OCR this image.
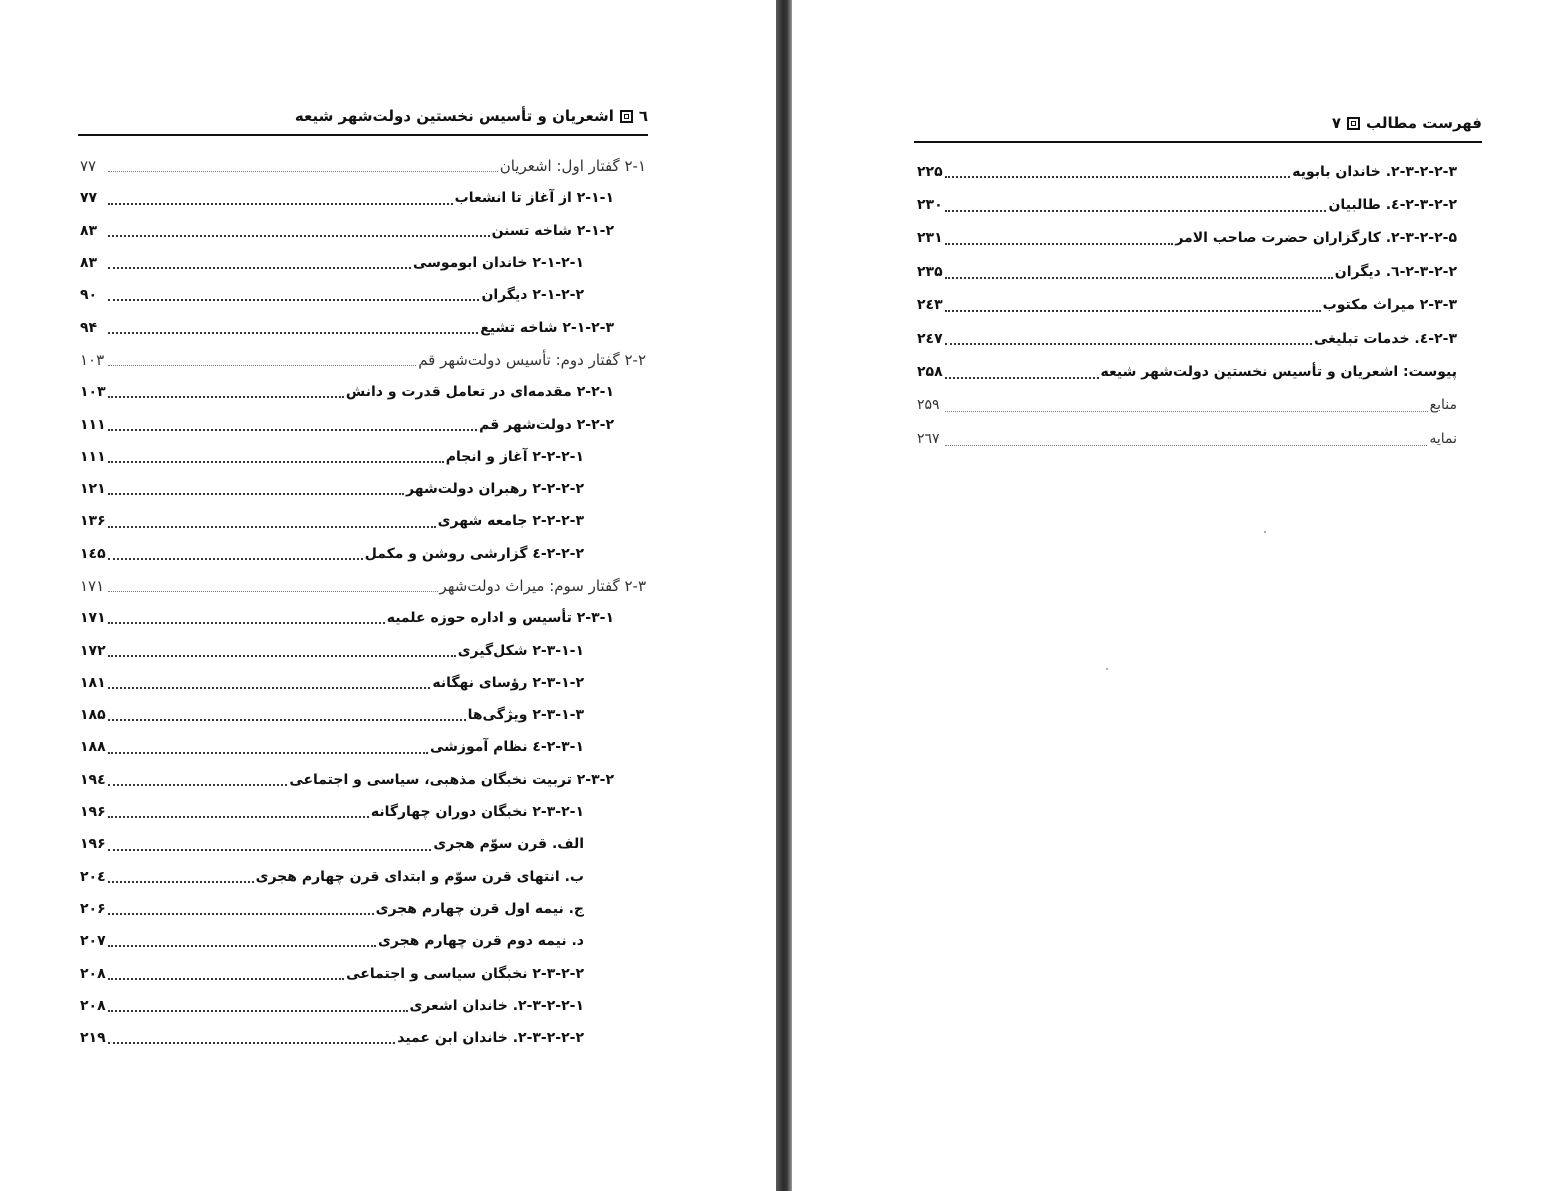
٦
اشعریان و تأسیس نخستین دولت‌شهر شیعه
۲-۱ گفتار اول: اشعریان
۷۷
۲-۱-۱ از آغاز تا انشعاب
۷۷
۲-۱-۲ شاخه تسنن
۸۳
۲-۱-۲-۱ خاندان ابوموسی
۸۳
۲-۱-۲-۲ دیگران
۹۰
۲-۱-۲-۳ شاخه تشیع
۹۴
۲-۲ گفتار دوم: تأسیس دولت‌شهر قم
۱۰۳
۲-۲-۱ مقدمه‌ای در تعامل قدرت و دانش
۱۰۳
۲-۲-۲ دولت‌شهر قم
۱۱۱
۲-۲-۲-۱ آغاز و انجام
۱۱۱
۲-۲-۲-۲ رهبران دولت‌شهر
۱۲۱
۲-۲-۲-۳ جامعه شهری
۱۳۶
۲-۲-۲-٤ گزارشی روشن و مکمل
۱٤۵
۲-۳ گفتار سوم: میراث دولت‌شهر
۱۷۱
۲-۳-۱ تأسیس و اداره حوزه علمیه
۱۷۱
۲-۳-۱-۱ شکل‌گیری
۱۷۲
۲-۳-۱-۲ رؤسای نهگانه
۱۸۱
۲-۳-۱-۳ ویژگی‌ها
۱۸۵
۲-۳-۱-٤ نظام آموزشی
۱۸۸
۲-۳-۲ تربیت نخبگان مذهبی، سیاسی و اجتماعی
۱۹٤
۲-۳-۲-۱ نخبگان دوران چهارگانه
۱۹۶
الف. قرن سوّم هجری
۱۹۶
ب. انتهای قرن سوّم و ابتدای قرن چهارم هجری
۲۰٤
ج. نیمه اول قرن چهارم هجری
۲۰۶
د. نیمه دوم قرن چهارم هجری
۲۰۷
۲-۳-۲-۲ نخبگان سیاسی و اجتماعی
۲۰۸
۲-۳-۲-۲-۱. خاندان اشعری
۲۰۸
۲-۳-۲-۲-۲. خاندان ابن عمید
۲۱۹
فهرست مطالب
۷
۲-۳-۲-۲-۳. خاندان بابویه
۲۲۵
۲-۳-۲-۲-٤. طالبیان
۲۳۰
۲-۳-۲-۲-۵. کارگزاران حضرت صاحب الامر
۲۳۱
۲-۳-۲-۲-٦. دیگران
۲۳۵
۲-۳-۳ میراث مکتوب
۲٤۳
۲-۳-٤. خدمات تبلیغی
۲٤۷
پیوست: اشعریان و تأسیس نخستین دولت‌شهر شیعه
۲۵۸
منابع
۲۵۹
نمایه
۲٦۷
